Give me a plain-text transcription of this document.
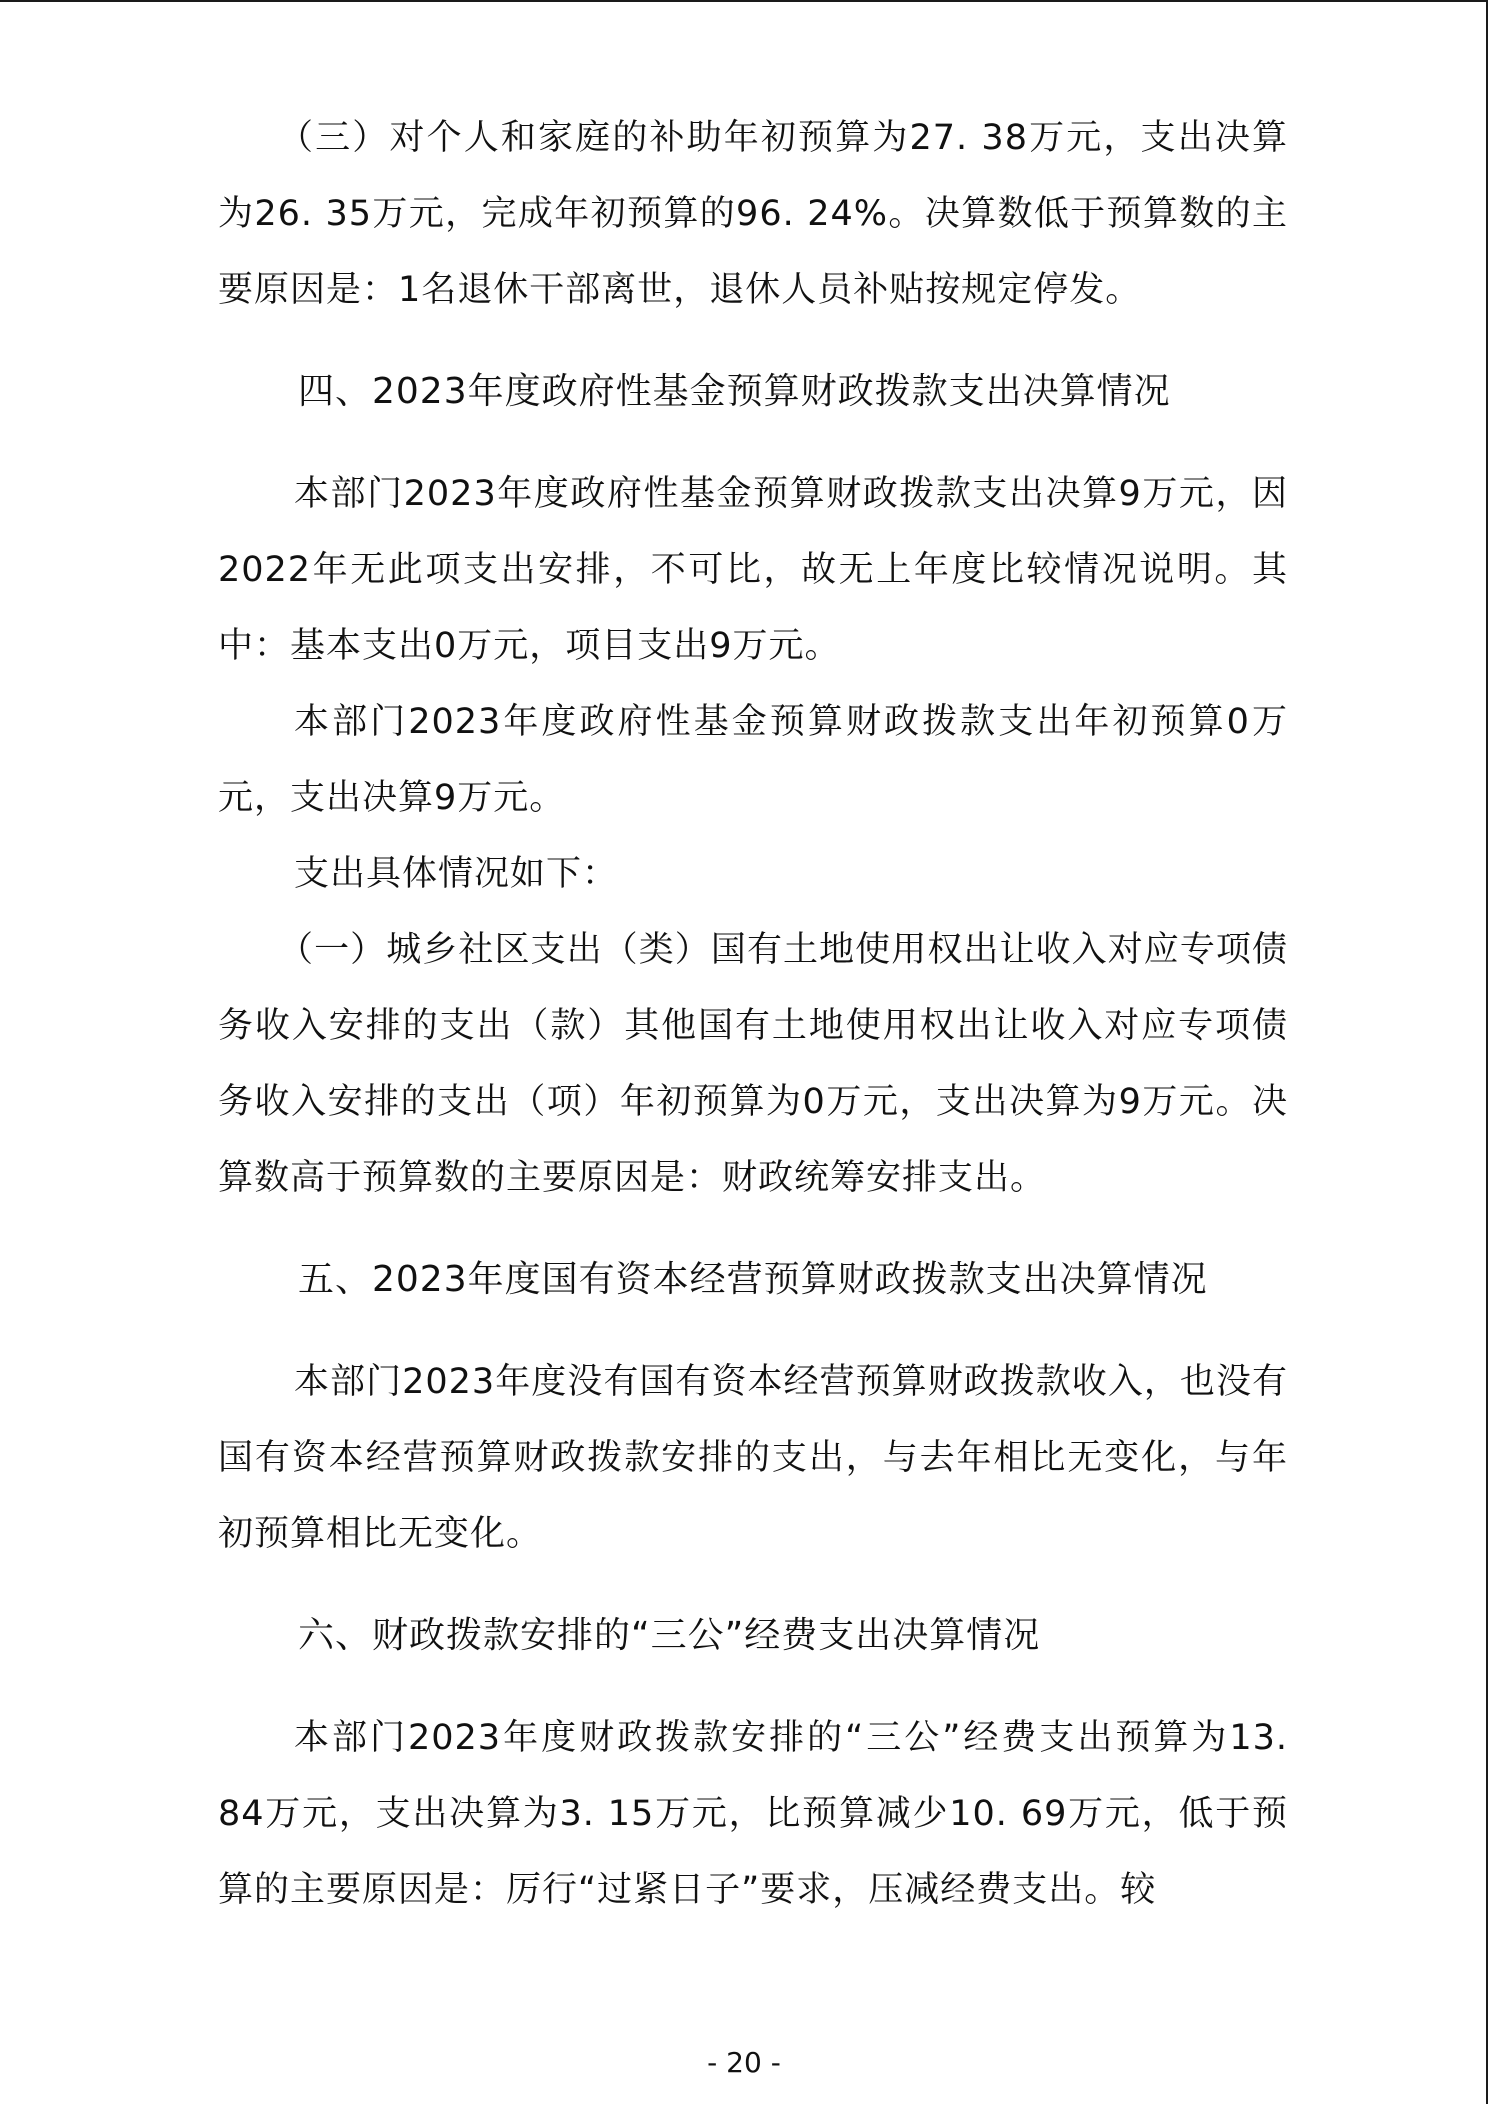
（三）对个人和家庭的补助年初预算为27. 38万元，支出决算为26. 35万元，完成年初预算的96. 24%。决算数低于预算数的主要原因是：1名退休干部离世，退休人员补贴按规定停发。

四、2023年度政府性基金预算财政拨款支出决算情况

本部门2023年度政府性基金预算财政拨款支出决算9万元，因2022年无此项支出安排，不可比，故无上年度比较情况说明。其中：基本支出0万元，项目支出9万元。

本部门2023年度政府性基金预算财政拨款支出年初预算0万元，支出决算9万元。

支出具体情况如下：

（一）城乡社区支出（类）国有土地使用权出让收入对应专项债务收入安排的支出（款）其他国有土地使用权出让收入对应专项债务收入安排的支出（项）年初预算为0万元，支出决算为9万元。决算数高于预算数的主要原因是：财政统筹安排支出。

五、2023年度国有资本经营预算财政拨款支出决算情况

本部门2023年度没有国有资本经营预算财政拨款收入，也没有国有资本经营预算财政拨款安排的支出，与去年相比无变化，与年初预算相比无变化。

六、财政拨款安排的“三公”经费支出决算情况

本部门2023年度财政拨款安排的“三公”经费支出预算为13. 84万元，支出决算为3. 15万元，比预算减少10. 69万元，低于预算的主要原因是：厉行“过紧日子”要求，压减经费支出。较

- 20 -
